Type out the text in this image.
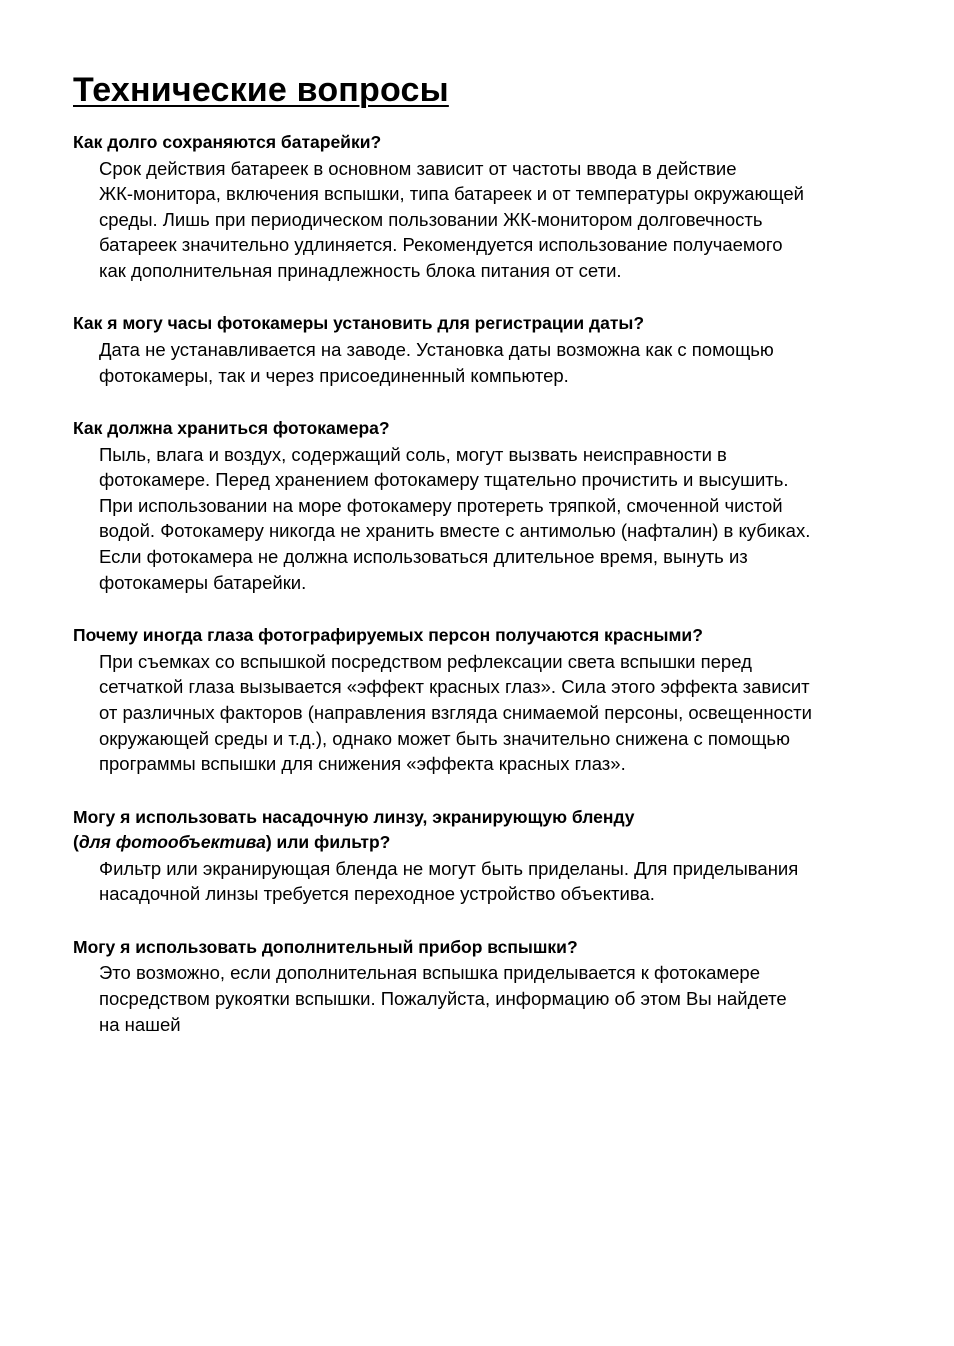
Технические вопросы

Как долго сохраняются батарейки?

Срок действия батареек в основном зависит от частоты ввода в действие
ЖК-монитора, включения вспышки, типа батареек и от температуры окружающей
среды. Лишь при периодическом пользовании ЖК-монитором долговечность
батареек значительно удлиняется. Рекомендуется использование получаемого
как дополнительная принадлежность блока питания от сети.

Как я могу часы фотокамеры установить для регистрации даты?

Дата не устанавливается на заводе. Установка даты возможна как с помощью
фотокамеры, так и через присоединенный компьютер.

Как должна храниться фотокамера?

Пыль, влага и воздух, содержащий соль, могут вызвать неисправности в
фотокамере. Перед хранением фотокамеру тщательно прочистить и высушить.
При использовании на море фотокамеру протереть тряпкой, смоченной чистой
водой. Фотокамеру никогда не хранить вместе с антимолью (нафталин) в кубиках.
Если фотокамера не должна использоваться длительное время, вынуть из
фотокамеры батарейки.

Почему иногда глаза фотографируемых персон получаются красными?

При съемках со вспышкой посредством рефлексации света вспышки перед
сетчаткой глаза вызывается «эффект красных глаз». Сила этого эффекта зависит
от различных факторов (направления взгляда снимаемой персоны, освещенности
окружающей среды и т.д.), однако может быть значительно снижена с помощью
программы вспышки для снижения «эффекта красных глаз».

Могу я использовать насадочную линзу, экранирующую бленду
(для фотообъектива) или фильтр?

Фильтр или экранирующая бленда не могут быть приделаны. Для приделывания
насадочной линзы требуется переходное устройство объектива.

Могу я использовать дополнительный прибор вспышки?

Это возможно, если дополнительная вспышка приделывается к фотокамере
посредством рукоятки вспышки. Пожалуйста, информацию об этом Вы найдете
на нашей
